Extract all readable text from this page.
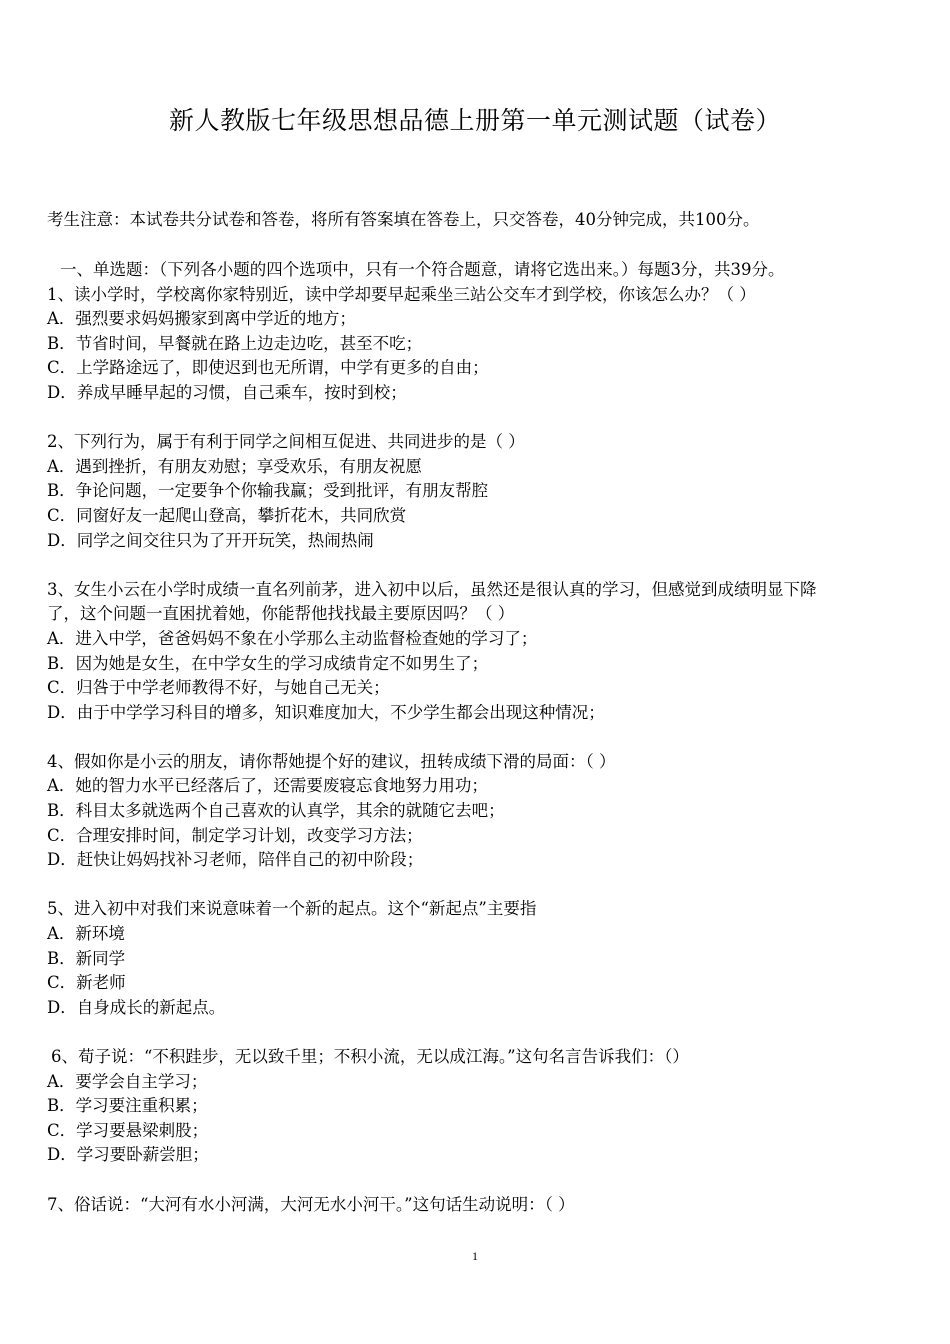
新人教版七年级思想品德上册第一单元测试题（试卷）
考生注意：本试卷共分试卷和答卷，将所有答案填在答卷上，只交答卷，40分钟完成，共100分。
一、单选题：（下列各小题的四个选项中，只有一个符合题意，请将它选出来。）每题3分，共39分。
1、读小学时，学校离你家特别近，读中学却要早起乘坐三站公交车才到学校，你该怎么办？（ ）
A．强烈要求妈妈搬家到离中学近的地方；
B．节省时间，早餐就在路上边走边吃，甚至不吃；
C．上学路途远了，即使迟到也无所谓，中学有更多的自由；
D．养成早睡早起的习惯，自己乘车，按时到校；
2、下列行为，属于有利于同学之间相互促进、共同进步的是（ ）
A．遇到挫折，有朋友劝慰；享受欢乐，有朋友祝愿
B．争论问题，一定要争个你输我赢；受到批评，有朋友帮腔
C．同窗好友一起爬山登高，攀折花木，共同欣赏
D．同学之间交往只为了开开玩笑，热闹热闹
3、女生小云在小学时成绩一直名列前茅，进入初中以后，虽然还是很认真的学习，但感觉到成绩明显下降
了，这个问题一直困扰着她，你能帮他找找最主要原因吗？（ ）
A．进入中学，爸爸妈妈不象在小学那么主动监督检查她的学习了；
B．因为她是女生，在中学女生的学习成绩肯定不如男生了；
C．归咎于中学老师教得不好，与她自己无关；
D．由于中学学习科目的增多，知识难度加大，不少学生都会出现这种情况；
4、假如你是小云的朋友，请你帮她提个好的建议，扭转成绩下滑的局面：（ ）
A．她的智力水平已经落后了，还需要废寝忘食地努力用功；
B．科目太多就选两个自己喜欢的认真学，其余的就随它去吧；
C．合理安排时间，制定学习计划，改变学习方法；
D．赶快让妈妈找补习老师，陪伴自己的初中阶段；
5、进入初中对我们来说意味着一个新的起点。这个“新起点”主要指
A．新环境
B．新同学
C．新老师
D．自身成长的新起点。
6、荀子说：“不积跬步，无以致千里；不积小流，无以成江海。”这句名言告诉我们：（）
A．要学会自主学习；
B．学习要注重积累；
C．学习要悬梁刺股；
D．学习要卧薪尝胆；
7、俗话说：“大河有水小河满，大河无水小河干。”这句话生动说明：（ ）
1
